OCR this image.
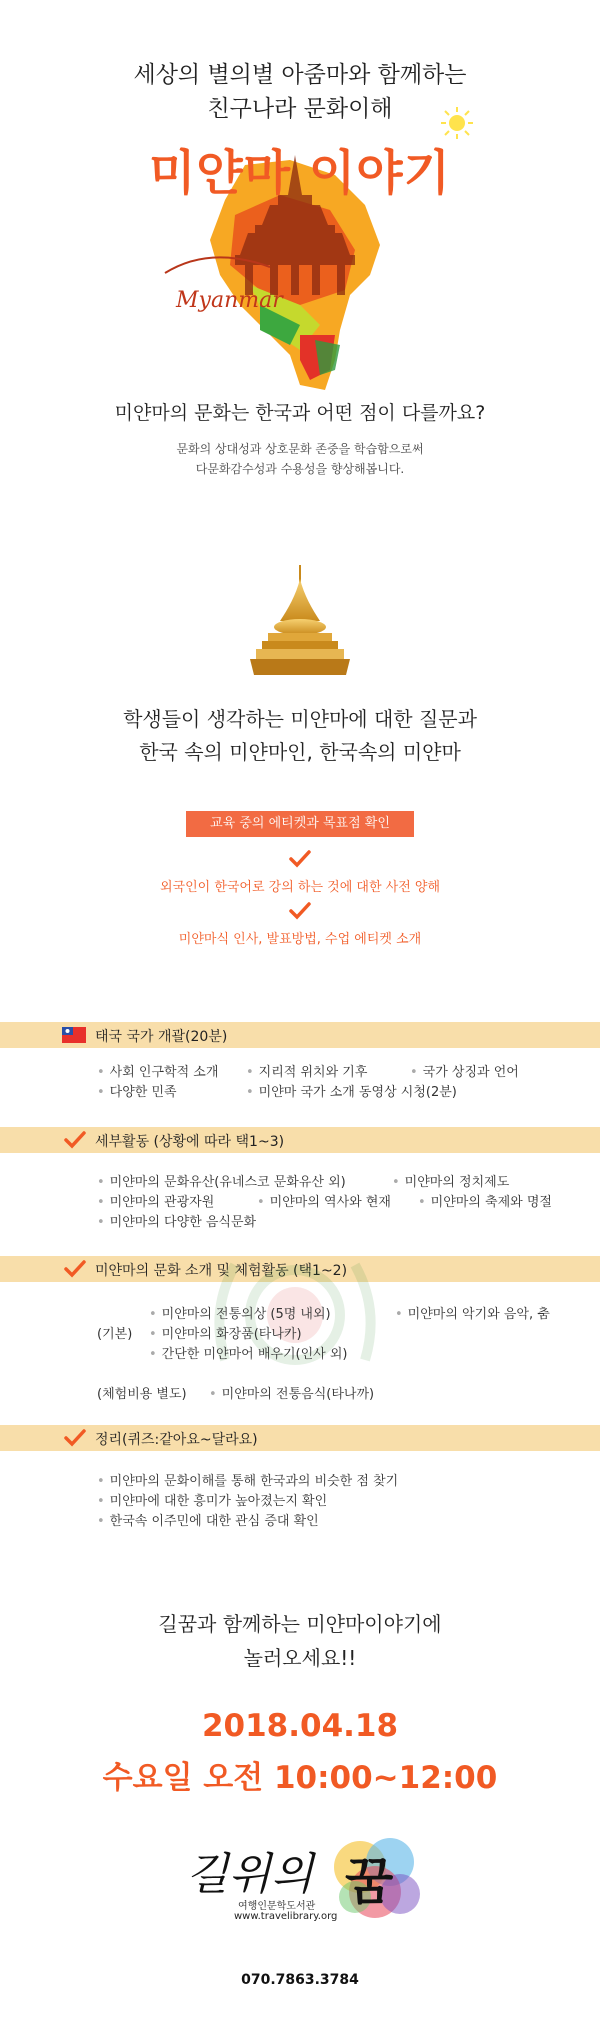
세상의 별의별 아줌마와 함께하는
친구나라 문화이해
미얀마 이야기
Myanmar
미얀마의 문화는 한국과 어떤 점이 다를까요?
문화의 상대성과 상호문화 존중을 학습함으로써
다문화감수성과 수용성을 향상해봅니다.
학생들이 생각하는 미얀마에 대한 질문과
한국 속의 미얀마인, 한국속의 미얀마
교육 중의 에티켓과 목표점 확인
외국인이 한국어로 강의 하는 것에 대한 사전 양해
미얀마식 인사, 발표방법, 수업 에티켓 소개
태국 국가 개괄(20분)
• 사회 인구학적 소개	• 지리적 위치와 기후	• 국가 상징과 언어
• 다양한 민족	• 미얀마 국가 소개 동영상 시청(2분)
세부활동 (상황에 따라 택1~3)
• 미얀마의 문화유산(유네스코 문화유산 외)	• 미얀마의 정치제도
• 미얀마의 관광자원	• 미얀마의 역사와 현재	• 미얀마의 축제와 명절
• 미얀마의 다양한 음식문화
미얀마의 문화 소개 및 체험활동 (택1~2)
• 미얀마의 전통의상 (5명 내외)	• 미얀마의 악기와 음악, 춤
(기본)	• 미얀마의 화장품(타나카)
• 간단한 미얀마어 배우기(인사 외)
(체험비용 별도)	• 미얀마의 전통음식(타나까)
정리(퀴즈:같아요~달라요)
• 미얀마의 문화이해를 통해 한국과의 비슷한 점 찾기
• 미얀마에 대한 흥미가 높아졌는지 확인
• 한국속 이주민에 대한 관심 증대 확인
길꿈과 함께하는 미얀마이야기에
놀러오세요!!
2018.04.18
수요일 오전 10:00~12:00
길위의 꿈
여행인문학도서관
www.travelibrary.org
070.7863.3784
